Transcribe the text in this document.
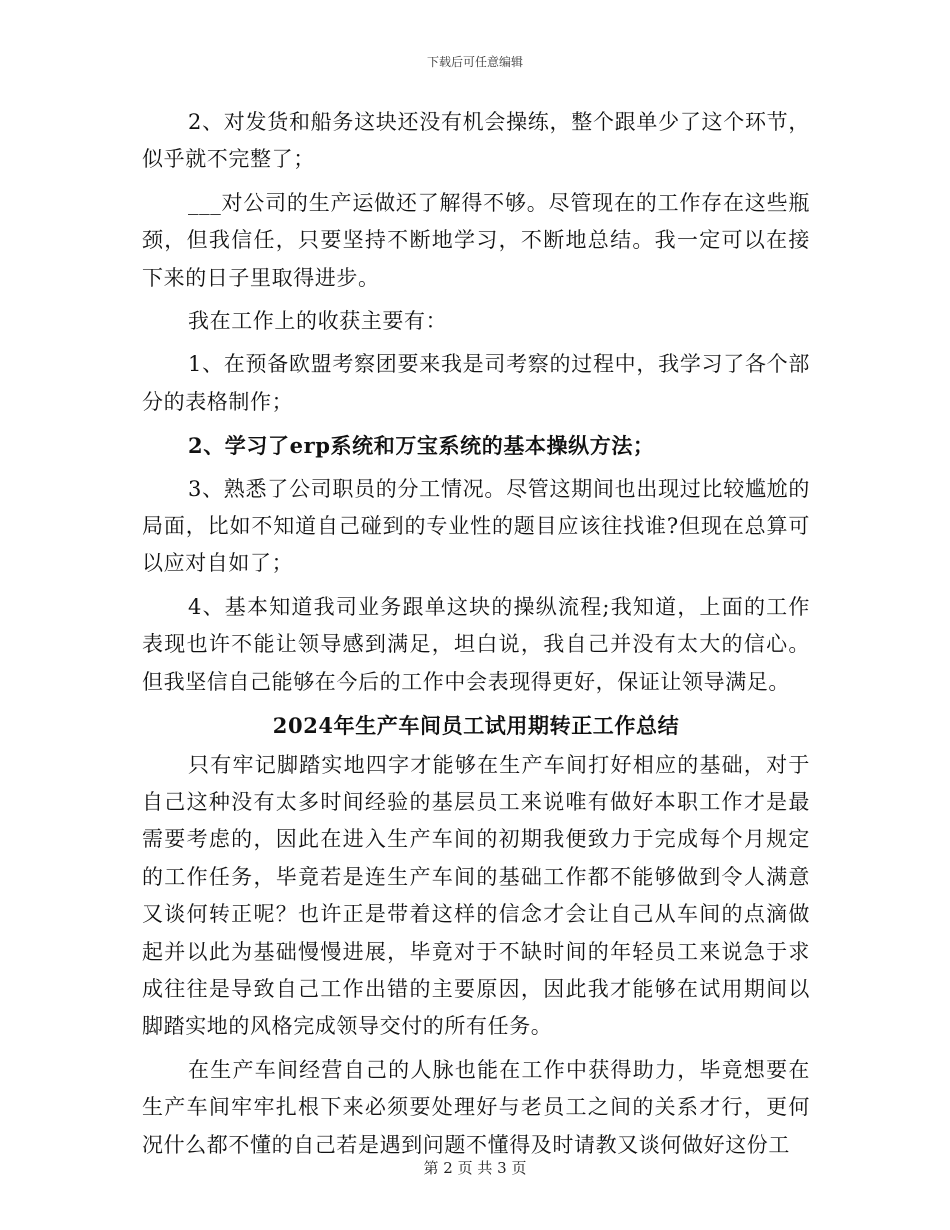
下载后可任意编辑

2、对发货和船务这块还没有机会操练，整个跟单少了这个环节，似乎就不完整了；

___对公司的生产运做还了解得不够。尽管现在的工作存在这些瓶颈，但我信任，只要坚持不断地学习，不断地总结。我一定可以在接下来的日子里取得进步。

我在工作上的收获主要有：

1、在预备欧盟考察团要来我是司考察的过程中，我学习了各个部分的表格制作；

2、学习了erp系统和万宝系统的基本操纵方法；

3、熟悉了公司职员的分工情况。尽管这期间也出现过比较尴尬的局面，比如不知道自己碰到的专业性的题目应该往找谁?但现在总算可以应对自如了；

4、基本知道我司业务跟单这块的操纵流程;我知道，上面的工作表现也许不能让领导感到满足，坦白说，我自己并没有太大的信心。但我坚信自己能够在今后的工作中会表现得更好，保证让领导满足。

2024年生产车间员工试用期转正工作总结

只有牢记脚踏实地四字才能够在生产车间打好相应的基础，对于自己这种没有太多时间经验的基层员工来说唯有做好本职工作才是最需要考虑的，因此在进入生产车间的初期我便致力于完成每个月规定的工作任务，毕竟若是连生产车间的基础工作都不能够做到令人满意又谈何转正呢？也许正是带着这样的信念才会让自己从车间的点滴做起并以此为基础慢慢进展，毕竟对于不缺时间的年轻员工来说急于求成往往是导致自己工作出错的主要原因，因此我才能够在试用期间以脚踏实地的风格完成领导交付的所有任务。

在生产车间经营自己的人脉也能在工作中获得助力，毕竟想要在生产车间牢牢扎根下来必须要处理好与老员工之间的关系才行，更何况什么都不懂的自己若是遇到问题不懂得及时请教又谈何做好这份工

第 2 页 共 3 页
